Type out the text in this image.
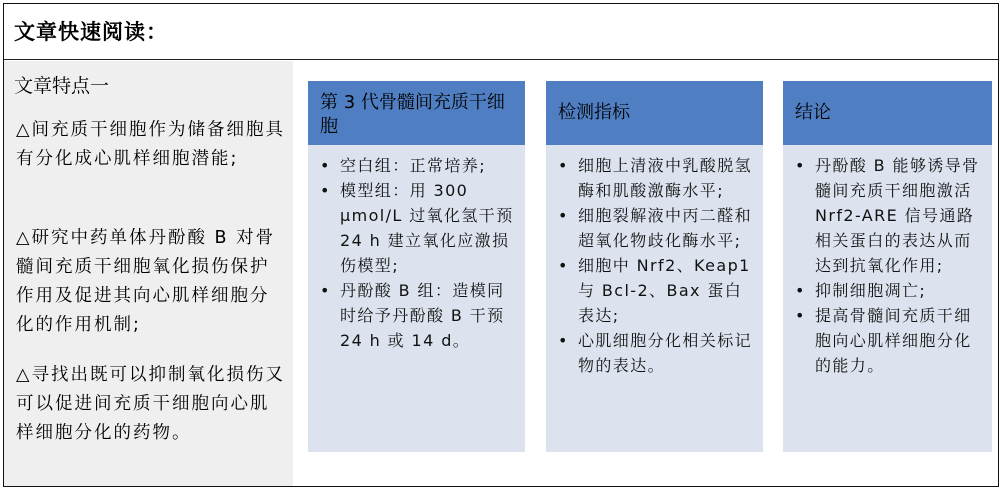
文章快速阅读：
文章特点一
△间充质干细胞作为储备细胞具有分化成心肌样细胞潜能;
△研究中药单体丹酚酸 B 对骨髓间充质干细胞氧化损伤保护作用及促进其向心肌样细胞分化的作用机制;
△寻找出既可以抑制氧化损伤又可以促进间充质干细胞向心肌样细胞分化的药物。
第 3 代骨髓间充质干细胞
• 空白组：正常培养;
• 模型组：用 300 μmol/L 过氧化氢干预 24 h 建立氧化应激损伤模型;
• 丹酚酸 B 组：造模同时给予丹酚酸 B 干预 24 h 或 14 d。
检测指标
• 细胞上清液中乳酸脱氢酶和肌酸激酶水平;
• 细胞裂解液中丙二醛和超氧化物歧化酶水平;
• 细胞中 Nrf2、Keap1 与 Bcl-2、Bax 蛋白表达;
• 心肌细胞分化相关标记物的表达。
结论
• 丹酚酸 B 能够诱导骨髓间充质干细胞激活 Nrf2-ARE 信号通路相关蛋白的表达从而达到抗氧化作用;
• 抑制细胞凋亡;
• 提高骨髓间充质干细胞向心肌样细胞分化的能力。
